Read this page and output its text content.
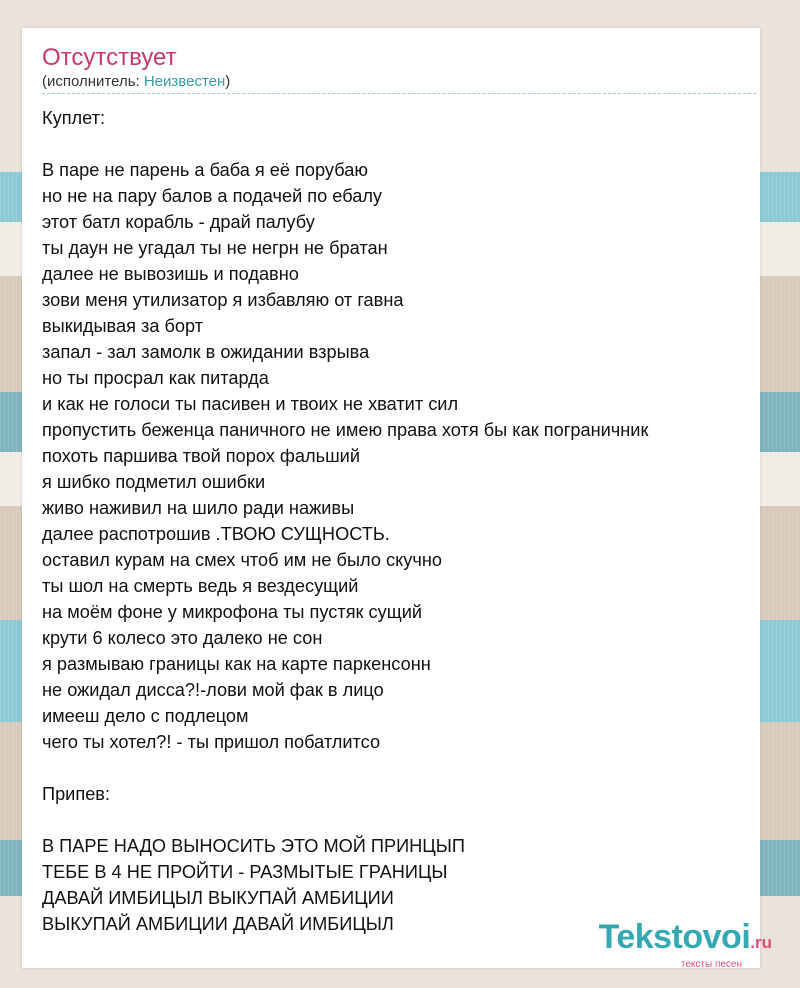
Отсутствует
(исполнитель: Неизвестен)
Куплет:
В паре не парень а баба я её порубаю
но не на пару балов а подачей по ебалу
этот батл корабль - драй палубу
ты даун не угадал ты не негрн не братан
далее не вывозишь и подавно
зови меня утилизатор я избавляю от гавна
выкидывая за борт
запал - зал замолк в ожидании взрыва
но ты просрал как питарда
и как не голоси ты пасивен и твоих не хватит сил
пропустить беженца паничного не имею права хотя бы как пограничник
похоть паршива твой порох фальший
я шибко подметил ошибки
живо наживил на шило ради наживы
далее распотрошив .ТВОЮ СУЩНОСТЬ.
оставил курам на смех чтоб им не было скучно
ты шол на смерть ведь я вездесущий
на моём фоне у микрофона ты пустяк сущий
крути 6 колесо это далеко не сон
я размываю границы как на карте паркенсонн
не ожидал дисса?!-лови мой фак в лицо
имееш дело с подлецом
чего ты хотел?! - ты пришол побатлитсо
Припев:
В ПАРЕ НАДО ВЫНОСИТЬ ЭТО МОЙ ПРИНЦЫП
ТЕБЕ В 4 НЕ ПРОЙТИ - РАЗМЫТЫЕ ГРАНИЦЫ
ДАВАЙ ИМБИЦЫЛ ВЫКУПАЙ АМБИЦИИ
ВЫКУПАЙ АМБИЦИИ ДАВАЙ ИМБИЦЫЛ	Tekstovoi.ru
тексты песен
